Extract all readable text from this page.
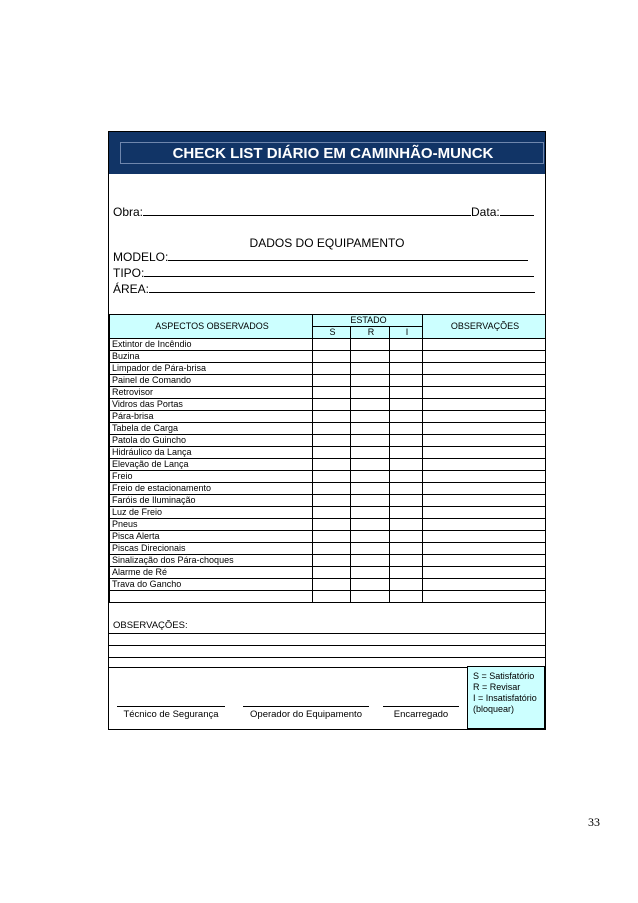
CHECK LIST DIÁRIO EM CAMINHÃO-MUNCK
Obra:	Data:
DADOS DO EQUIPAMENTO
MODELO:
TIPO:
ÁREA:
ASPECTOS OBSERVADOS	ESTADO			OBSERVAÇÕES
	S	R	I	
Extintor de Incêndio				
Buzina				
Limpador de Pára-brisa				
Painel de Comando				
Retrovisor				
Vidros das Portas				
Pára-brisa				
Tabela de Carga				
Patola do Guincho				
Hidráulico da Lança				
Elevação de Lança				
Freio				
Freio de estacionamento				
Faróis de Iluminação				
Luz de Freio				
Pneus				
Pisca Alerta				
Piscas Direcionais				
Sinalização dos Pára-choques				
Alarme de Ré				
Trava do Gancho				

OBSERVAÇÕES:
Técnico de Segurança	Operador do Equipamento	Encarregado
S = Satisfatório
R = Revisar
I = Insatisfatório
(bloquear)
33
